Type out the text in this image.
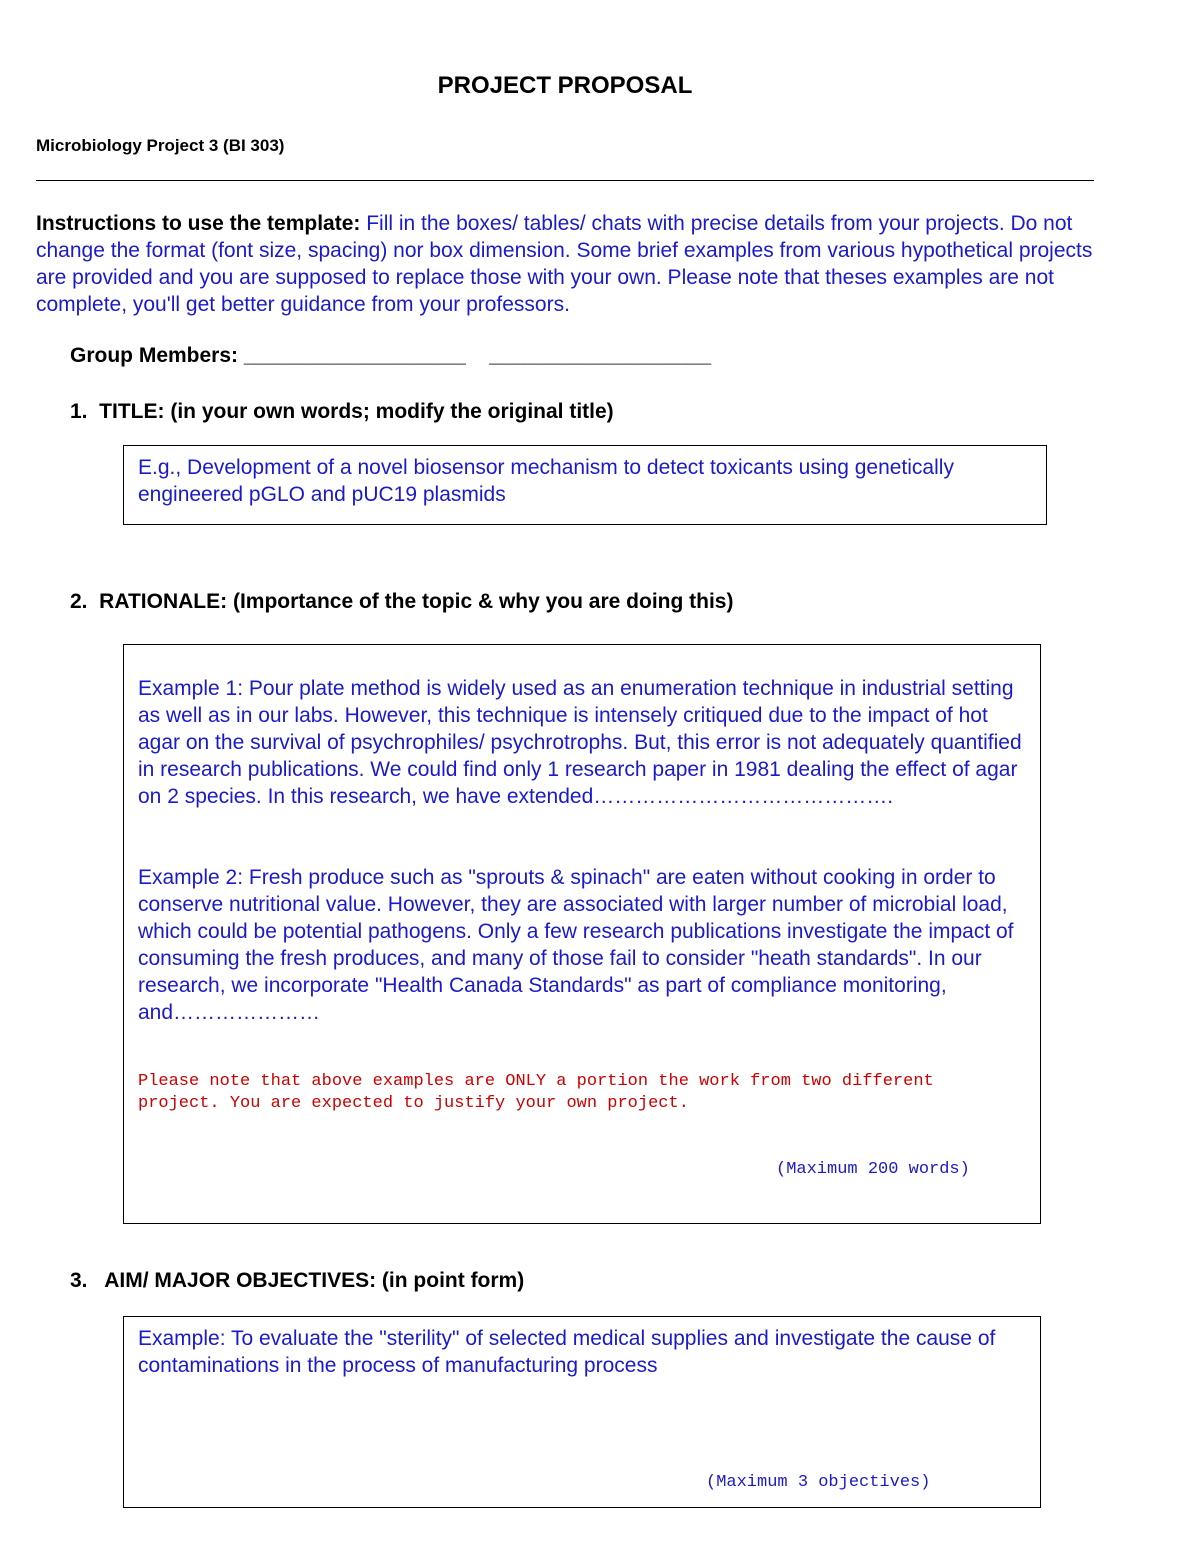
PROJECT PROPOSAL
Microbiology Project 3 (BI 303)
Instructions to use the template: Fill in the boxes/ tables/ chats with precise details from your projects. Do not change the format (font size, spacing) nor box dimension. Some brief examples from various hypothetical projects are provided and you are supposed to replace those with your own. Please note that theses examples are not complete, you'll get better guidance from your professors.
Group Members: ___________________    ___________________
1.  TITLE: (in your own words; modify the original title)
E.g., Development of a novel biosensor mechanism to detect toxicants using genetically engineered pGLO and pUC19 plasmids
2.  RATIONALE: (Importance of the topic & why you are doing this)
Example 1: Pour plate method is widely used as an enumeration technique in industrial setting as well as in our labs. However, this technique is intensely critiqued due to the impact of hot agar on the survival of psychrophiles/ psychrotrophs. But, this error is not adequately quantified in research publications. We could find only 1 research paper in 1981 dealing the effect of agar on 2 species. In this research, we have extended…………………………………….
Example 2: Fresh produce such as "sprouts & spinach" are eaten without cooking in order to conserve nutritional value. However, they are associated with larger number of microbial load, which could be potential pathogens. Only a few research publications investigate the impact of consuming the fresh produces, and many of those fail to consider "heath standards". In our research, we incorporate "Health Canada Standards" as part of compliance monitoring, and…………………
Please note that above examples are ONLY a portion the work from two different project. You are expected to justify your own project.
(Maximum 200 words)
3.   AIM/ MAJOR OBJECTIVES: (in point form)
Example: To evaluate the "sterility" of selected medical supplies and investigate the cause of contaminations in the process of manufacturing process
(Maximum 3 objectives)
